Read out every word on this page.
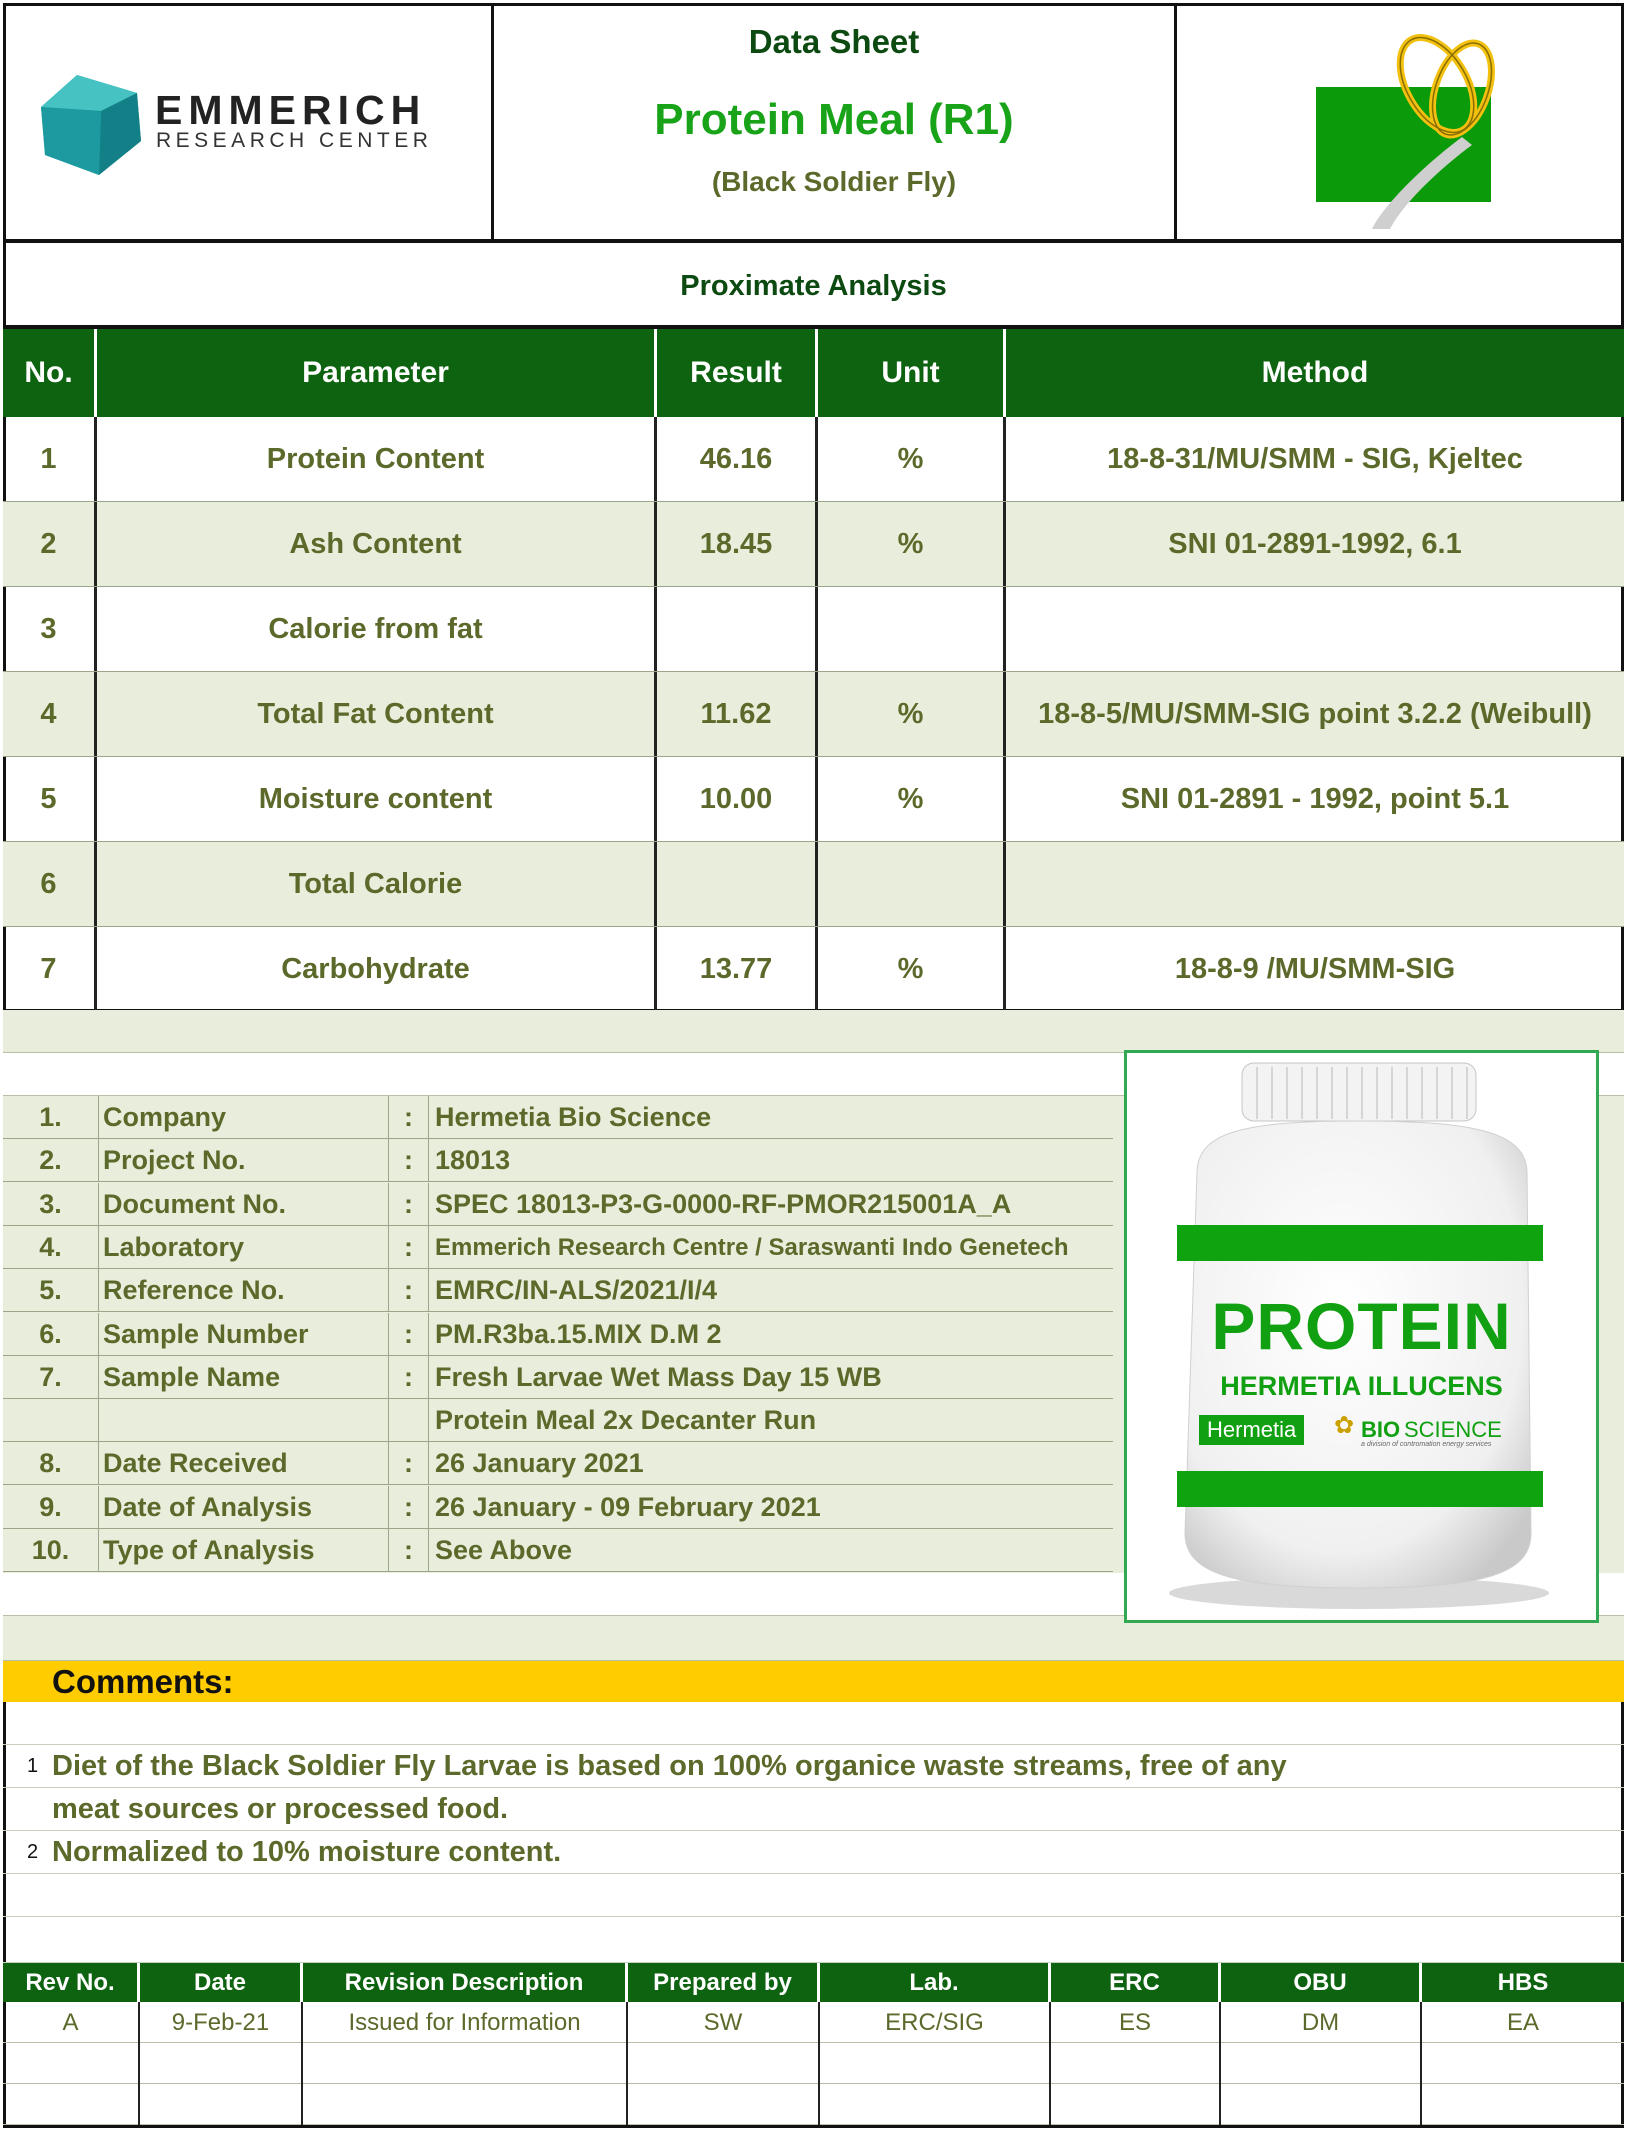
EMMERICH
RESEARCH CENTER
Data Sheet
Protein Meal (R1)
(Black Soldier Fly)
Proximate Analysis
No.	Parameter	Result	Unit	Method
1	Protein Content	46.16	%	18-8-31/MU/SMM - SIG, Kjeltec
2	Ash Content	18.45	%	SNI 01-2891-1992, 6.1
3	Calorie from fat
4	Total Fat Content	11.62	%	18-8-5/MU/SMM-SIG point 3.2.2 (Weibull)
5	Moisture content	10.00	%	SNI 01-2891 - 1992, point 5.1
6	Total Calorie
7	Carbohydrate	13.77	%	18-8-9 /MU/SMM-SIG
1.	Company	: Hermetia Bio Science
2.	Project No.	: 18013
3.	Document No.	: SPEC 18013-P3-G-0000-RF-PMOR215001A_A
4.	Laboratory	: Emmerich Research Centre / Saraswanti Indo Genetech
5.	Reference No.	: EMRC/IN-ALS/2021/I/4
6.	Sample Number	: PM.R3ba.15.MIX D.M 2
7.	Sample Name	: Fresh Larvae Wet Mass Day 15 WB
Protein Meal 2x Decanter Run
8.	Date Received	: 26 January 2021
9.	Date of Analysis	: 26 January - 09 February 2021
10.	Type of Analysis	: See Above
PROTEIN
HERMETIA ILLUCENS
Hermetia	✿ BIO SCIENCE
a division of contromation energy services
Comments:
1 Diet of the Black Soldier Fly Larvae is based on 100% organice waste streams, free of any
meat sources or processed food.
2 Normalized to 10% moisture content.
Rev No.	Date	Revision Description	Prepared by	Lab.	ERC	OBU	HBS
A	9-Feb-21	Issued for Information	SW	ERC/SIG	ES	DM	EA
